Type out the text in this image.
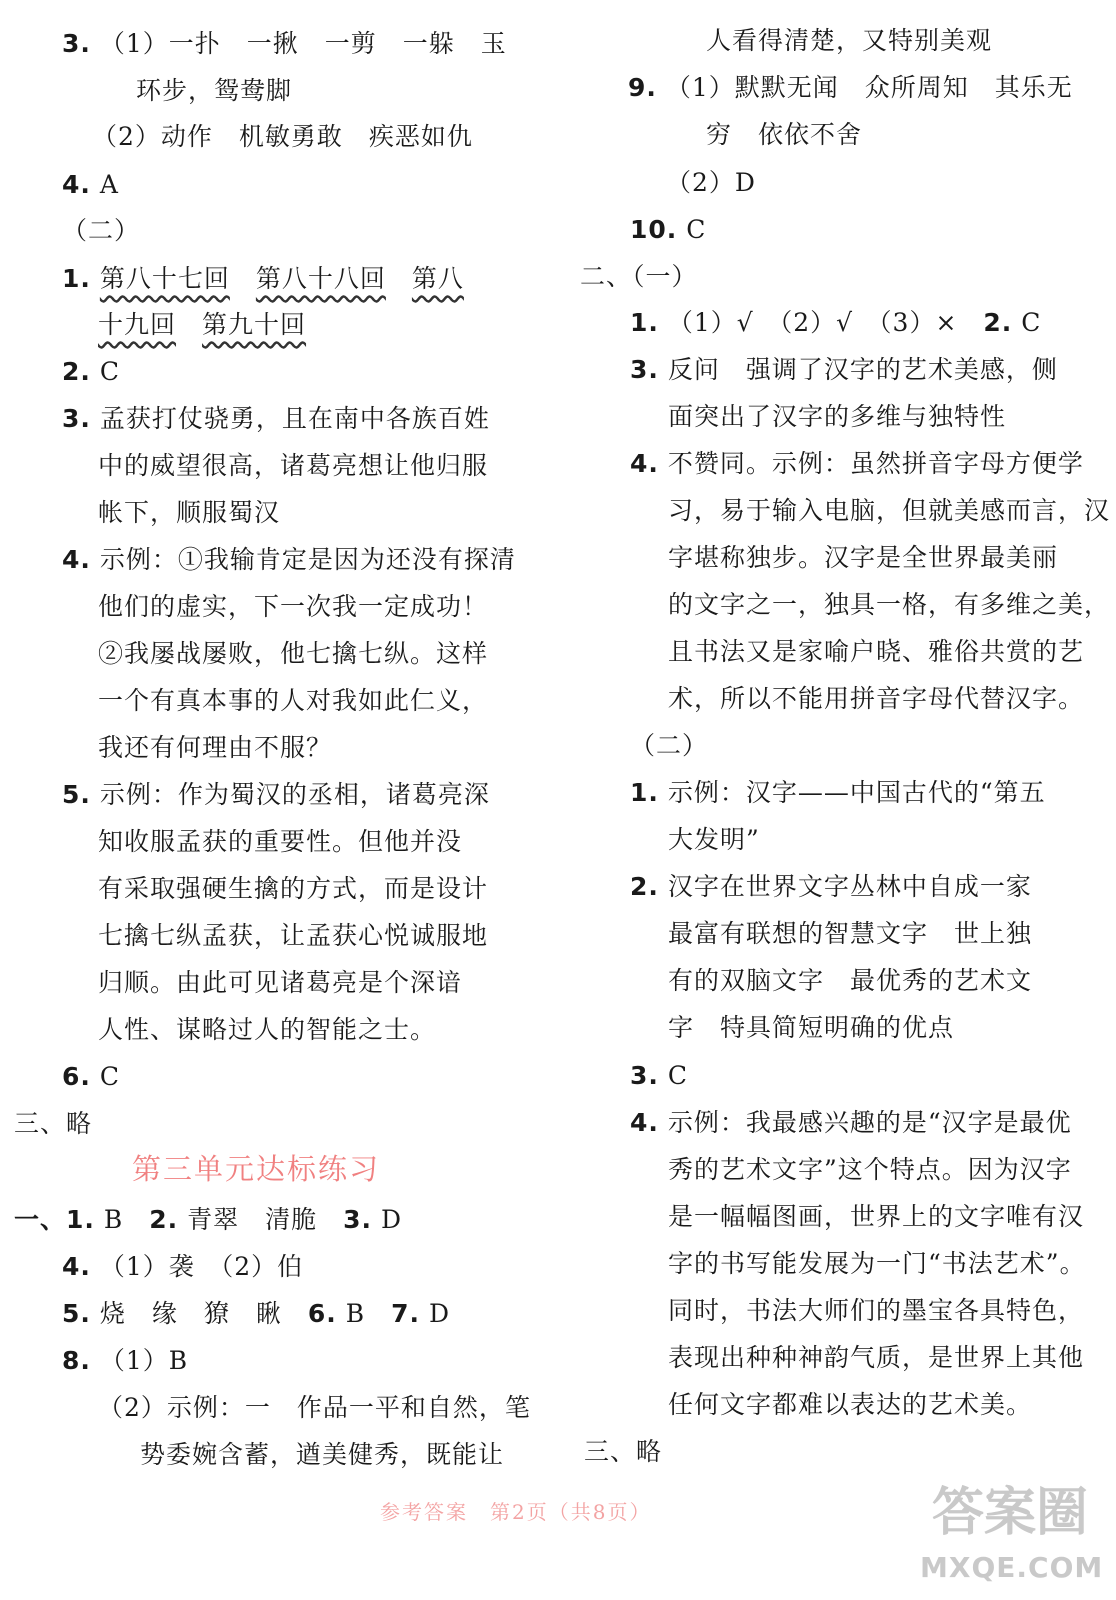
3. （1）一扑　一揪　一剪　一躲　玉
环步，鸳鸯脚
（2）动作　机敏勇敢　疾恶如仇
4. A
（二）
1. 第八十七回　 第八十八回　 第八
十九回　 第九十回
2. C
3. 孟获打仗骁勇，且在南中各族百姓
中的威望很高，诸葛亮想让他归服
帐下，顺服蜀汉
4. 示例：①我输肯定是因为还没有探清
他们的虚实，下一次我一定成功！
②我屡战屡败，他七擒七纵。这样
一个有真本事的人对我如此仁义，
我还有何理由不服？
5. 示例：作为蜀汉的丞相，诸葛亮深
知收服孟获的重要性。但他并没
有采取强硬生擒的方式，而是设计
七擒七纵孟获，让孟获心悦诚服地
归顺。由此可见诸葛亮是个深谙
人性、谋略过人的智能之士。
6. C
三、略
第三单元达标练习
一、1. B　2. 青翠　清脆　3. D
4. （1）袭　（2）伯
5. 烧　缘　獠　瞅　6. B　7. D
8. （1）B
（2）示例：一　作品一平和自然，笔
势委婉含蓄，遒美健秀，既能让
人看得清楚，又特别美观
9. （1）默默无闻　众所周知　其乐无
穷　依依不舍
（2）D
10. C
二、（一）
1. （1）√　（2）√　（3）×　2. C
3. 反问　强调了汉字的艺术美感，侧
面突出了汉字的多维与独特性
4. 不赞同。示例：虽然拼音字母方便学
习，易于输入电脑，但就美感而言，汉
字堪称独步。汉字是全世界最美丽
的文字之一，独具一格，有多维之美，
且书法又是家喻户晓、雅俗共赏的艺
术，所以不能用拼音字母代替汉字。
（二）
1. 示例：汉字——中国古代的“第五
大发明”
2. 汉字在世界文字丛林中自成一家
最富有联想的智慧文字　世上独
有的双脑文字　最优秀的艺术文
字　特具简短明确的优点
3. C
4. 示例：我最感兴趣的是“汉字是最优
秀的艺术文字”这个特点。因为汉字
是一幅幅图画，世界上的文字唯有汉
字的书写能发展为一门“书法艺术”。
同时，书法大师们的墨宝各具特色，
表现出种种神韵气质，是世界上其他
任何文字都难以表达的艺术美。
三、略
参考答案　第2页（共8页）	答案圈
MXQE.COM
